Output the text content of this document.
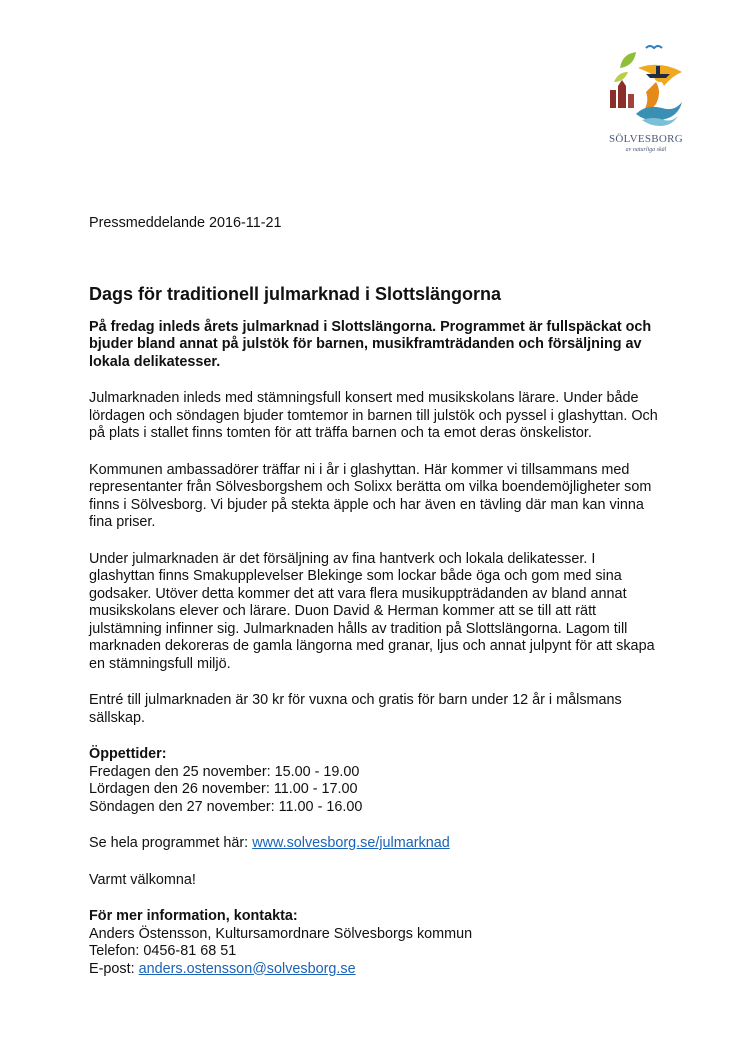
SÖLVESBORG
av naturliga skäl
Pressmeddelande 2016-11-21
Dags för traditionell julmarknad i Slottslängorna
På fredag inleds årets julmarknad i Slottslängorna. Programmet är fullspäckat och bjuder bland annat på julstök för barnen, musikframträdanden och försäljning av lokala delikatesser.

Julmarknaden inleds med stämningsfull konsert med musikskolans lärare. Under både lördagen och söndagen bjuder tomtemor in barnen till julstök och pyssel i glashyttan. Och på plats i stallet finns tomten för att träffa barnen och ta emot deras önskelistor.

Kommunen ambassadörer träffar ni i år i glashyttan. Här kommer vi tillsammans med representanter från Sölvesborgshem och Solixx berätta om vilka boendemöjligheter som finns i Sölvesborg. Vi bjuder på stekta äpple och har även en tävling där man kan vinna fina priser.

Under julmarknaden är det försäljning av fina hantverk och lokala delikatesser. I glashyttan finns Smakupplevelser Blekinge som lockar både öga och gom med sina godsaker. Utöver detta kommer det att vara flera musikuppträdanden av bland annat musikskolans elever och lärare. Duon David & Herman kommer att se till att rätt julstämning infinner sig. Julmarknaden hålls av tradition på Slottslängorna. Lagom till marknaden dekoreras de gamla längorna med granar, ljus och annat julpynt för att skapa en stämningsfull miljö.

Entré till julmarknaden är 30 kr för vuxna och gratis för barn under 12 år i målsmans sällskap.

Öppettider:
Fredagen den 25 november: 15.00 - 19.00
Lördagen den 26 november: 11.00 - 17.00
Söndagen den 27 november: 11.00 - 16.00

Se hela programmet här: www.solvesborg.se/julmarknad

Varmt välkomna!

För mer information, kontakta:
Anders Östensson, Kultursamordnare Sölvesborgs kommun
Telefon: 0456-81 68 51
E-post: anders.ostensson@solvesborg.se
